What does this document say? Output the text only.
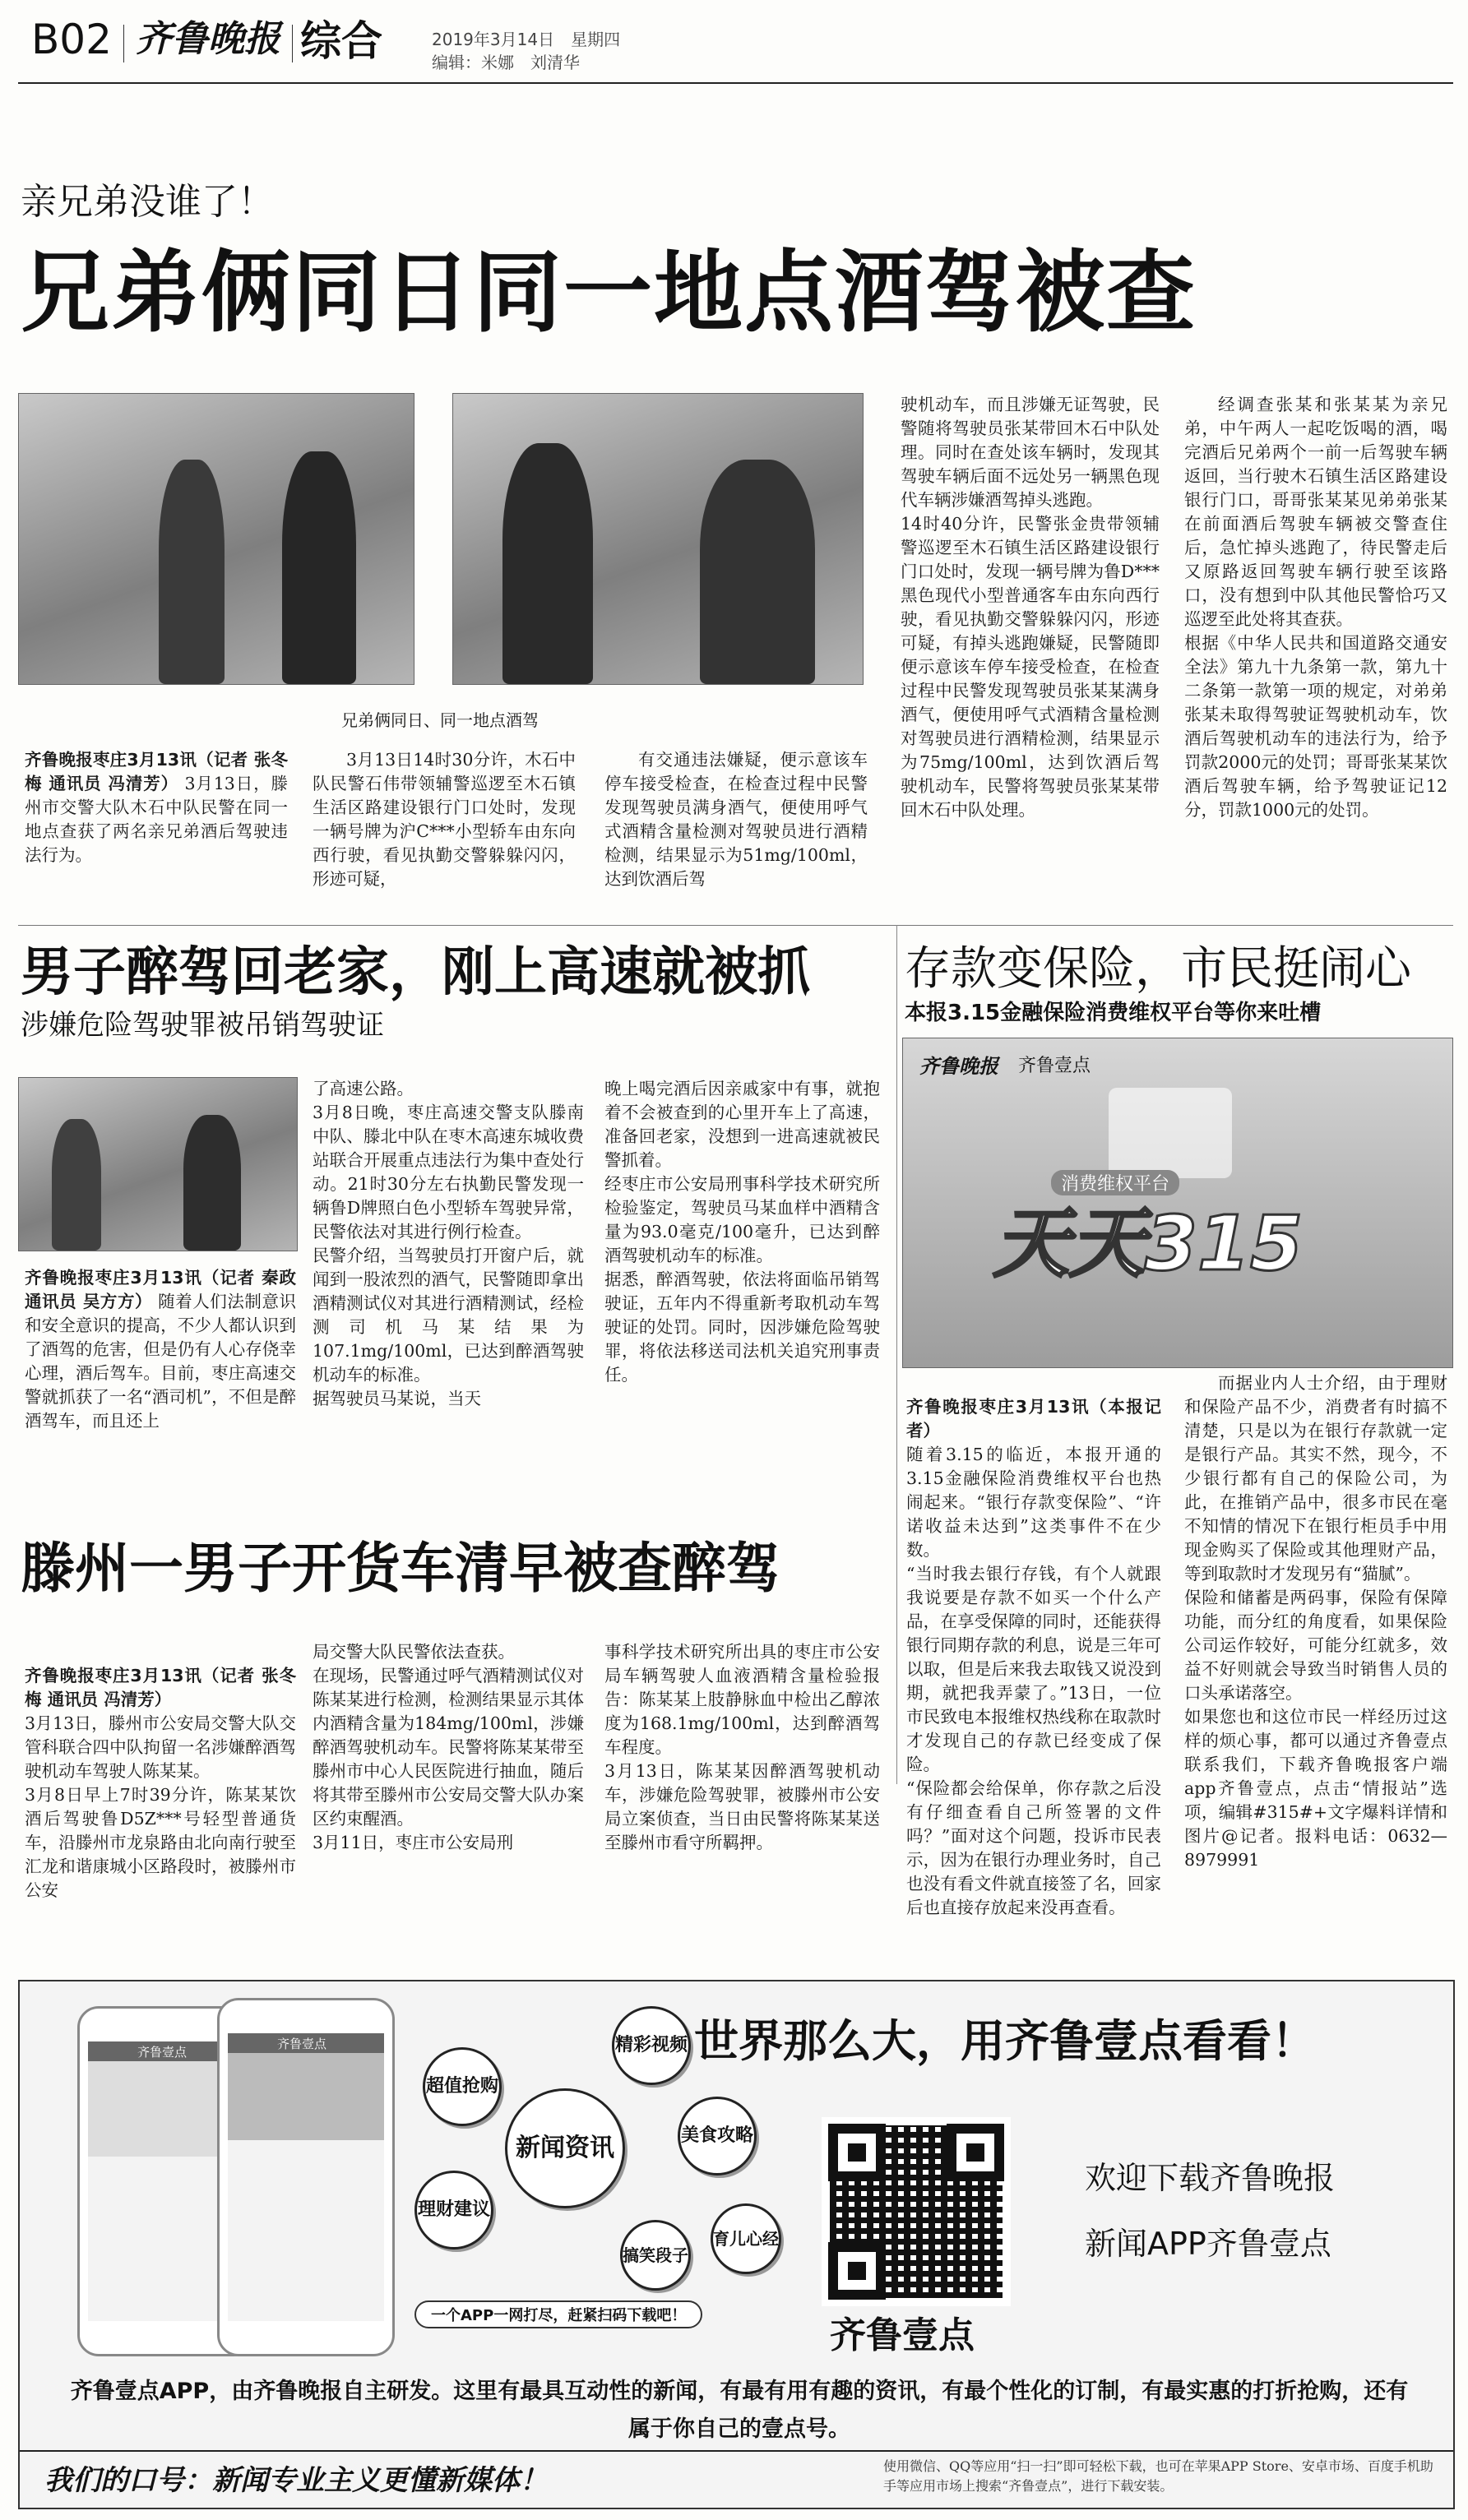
B02 齐鲁晚报 综合	2019年3月14日　星期四
编辑：米娜　刘清华
亲兄弟没谁了！
兄弟俩同日同一地点酒驾被查
兄弟俩同日、同一地点酒驾
齐鲁晚报枣庄3月13讯（记者 张冬梅 通讯员 冯清芳） 3月13日，滕州市交警大队木石中队民警在同一地点查获了两名亲兄弟酒后驾驶违法行为。

3月13日14时30分许，木石中队民警石伟带领辅警巡逻至木石镇生活区路建设银行门口处时，发现一辆号牌为沪C***小型轿车由东向西行驶，看见执勤交警躲躲闪闪，形迹可疑，

有交通违法嫌疑，便示意该车停车接受检查，在检查过程中民警发现驾驶员满身酒气，便使用呼气式酒精含量检测对驾驶员进行酒精检测，结果显示为51mg/100ml，达到饮酒后驾

驶机动车，而且涉嫌无证驾驶，民警随将驾驶员张某带回木石中队处理。同时在查处该车辆时，发现其驾驶车辆后面不远处另一辆黑色现代车辆涉嫌酒驾掉头逃跑。
14时40分许，民警张金贵带领辅警巡逻至木石镇生活区路建设银行门口处时，发现一辆号牌为鲁D***黑色现代小型普通客车由东向西行驶，看见执勤交警躲躲闪闪，形迹可疑，有掉头逃跑嫌疑，民警随即便示意该车停车接受检查，在检查过程中民警发现驾驶员张某某满身酒气，便使用呼气式酒精含量检测对驾驶员进行酒精检测，结果显示为75mg/100ml，达到饮酒后驾驶机动车，民警将驾驶员张某某带回木石中队处理。
经调查张某和张某某为亲兄弟，中午两人一起吃饭喝的酒，喝完酒后兄弟两个一前一后驾驶车辆返回，当行驶木石镇生活区路建设银行门口，哥哥张某某见弟弟张某在前面酒后驾驶车辆被交警查住后，急忙掉头逃跑了，待民警走后又原路返回驾驶车辆行驶至该路口，没有想到中队其他民警恰巧又巡逻至此处将其查获。
根据《中华人民共和国道路交通安全法》第九十九条第一款，第九十二条第一款第一项的规定，对弟弟张某未取得驾驶证驾驶机动车，饮酒后驾驶机动车的违法行为，给予罚款2000元的处罚；哥哥张某某饮酒后驾驶车辆，给予驾驶证记12分，罚款1000元的处罚。
男子醉驾回老家，刚上高速就被抓
涉嫌危险驾驶罪被吊销驾驶证
齐鲁晚报枣庄3月13讯（记者 秦政 通讯员 吴方方） 随着人们法制意识和安全意识的提高，不少人都认识到了酒驾的危害，但是仍有人心存侥幸心理，酒后驾车。目前，枣庄高速交警就抓获了一名“酒司机”，不但是醉酒驾车，而且还上
了高速公路。
3月8日晚，枣庄高速交警支队滕南中队、滕北中队在枣木高速东城收费站联合开展重点违法行为集中查处行动。21时30分左右执勤民警发现一辆鲁D牌照白色小型轿车驾驶异常，民警依法对其进行例行检查。
民警介绍，当驾驶员打开窗户后，就闻到一股浓烈的酒气，民警随即拿出酒精测试仪对其进行酒精测试，经检测司机马某结果为107.1mg/100ml，已达到醉酒驾驶机动车的标准。
据驾驶员马某说，当天
晚上喝完酒后因亲戚家中有事，就抱着不会被查到的心里开车上了高速，准备回老家，没想到一进高速就被民警抓着。
经枣庄市公安局刑事科学技术研究所检验鉴定，驾驶员马某血样中酒精含量为93.0毫克/100毫升，已达到醉酒驾驶机动车的标准。
据悉，醉酒驾驶，依法将面临吊销驾驶证，五年内不得重新考取机动车驾驶证的处罚。同时，因涉嫌危险驾驶罪，将依法移送司法机关追究刑事责任。
滕州一男子开货车清早被查醉驾

齐鲁晚报枣庄3月13讯（记者 张冬梅 通讯员 冯清芳）
3月13日，滕州市公安局交警大队交管科联合四中队拘留一名涉嫌醉酒驾驶机动车驾驶人陈某某。
3月8日早上7时39分许，陈某某饮酒后驾驶鲁D5Z***号轻型普通货车，沿滕州市龙泉路由北向南行驶至汇龙和谐康城小区路段时，被滕州市公安

局交警大队民警依法查获。
在现场，民警通过呼气酒精测试仪对陈某某进行检测，检测结果显示其体内酒精含量为184mg/100ml，涉嫌醉酒驾驶机动车。民警将陈某某带至滕州市中心人民医院进行抽血，随后将其带至滕州市公安局交警大队办案区约束醒酒。
3月11日，枣庄市公安局刑
事科学技术研究所出具的枣庄市公安局车辆驾驶人血液酒精含量检验报告：陈某某上肢静脉血中检出乙醇浓度为168.1mg/100ml，达到醉酒驾车程度。
3月13日，陈某某因醉酒驾驶机动车，涉嫌危险驾驶罪，被滕州市公安局立案侦查，当日由民警将陈某某送至滕州市看守所羁押。
存款变保险，市民挺闹心
本报3.15金融保险消费维权平台等你来吐槽
齐鲁晚报 齐鲁壹点
消费维权平台
天天315

齐鲁晚报枣庄3月13讯（本报记者）
随着3.15的临近，本报开通的3.15金融保险消费维权平台也热闹起来。“银行存款变保险”、“许诺收益未达到”这类事件不在少数。
“当时我去银行存钱，有个人就跟我说要是存款不如买一个什么产品，在享受保障的同时，还能获得银行同期存款的利息，说是三年可以取，但是后来我去取钱又说没到期，就把我弄蒙了。”13日，一位市民致电本报维权热线称在取款时才发现自己的存款已经变成了保险。
“保险都会给保单，你存款之后没有仔细查看自己所签署的文件吗？”面对这个问题，投诉市民表示，因为在银行办理业务时，自己也没有看文件就直接签了名，回家后也直接存放起来没再查看。

而据业内人士介绍，由于理财和保险产品不少，消费者有时搞不清楚，只是以为在银行存款就一定是银行产品。其实不然，现今，不少银行都有自己的保险公司，为此，在推销产品中，很多市民在毫不知情的情况下在银行柜员手中用现金购买了保险或其他理财产品，等到取款时才发现另有“猫腻”。
保险和储蓄是两码事，保险有保障功能，而分红的角度看，如果保险公司运作较好，可能分红就多，效益不好则就会导致当时销售人员的口头承诺落空。
如果您也和这位市民一样经历过这样的烦心事，都可以通过齐鲁壹点联系我们，下载齐鲁晚报客户端app齐鲁壹点，点击“情报站”选项，编辑#315#+文字爆料详情和图片@记者。报料电话：0632—8979991
齐鲁壹点
齐鲁壹点
超值抢购
精彩视频
新闻资讯	美食攻略
理财建议
搞笑段子
育儿心经
一个APP一网打尽，赶紧扫码下载吧！
世界那么大，用齐鲁壹点看看！
齐鲁壹点
欢迎下载齐鲁晚报
新闻APP齐鲁壹点
齐鲁壹点APP，由齐鲁晚报自主研发。这里有最具互动性的新闻，有最有用有趣的资讯，有最个性化的订制，有最实惠的打折抢购，还有属于你自己的壹点号。
我们的口号：新闻专业主义更懂新媒体！	使用微信、QQ等应用“扫一扫”即可轻松下载，也可在苹果APP Store、安卓市场、百度手机助手等应用市场上搜索“齐鲁壹点”，进行下载安装。
